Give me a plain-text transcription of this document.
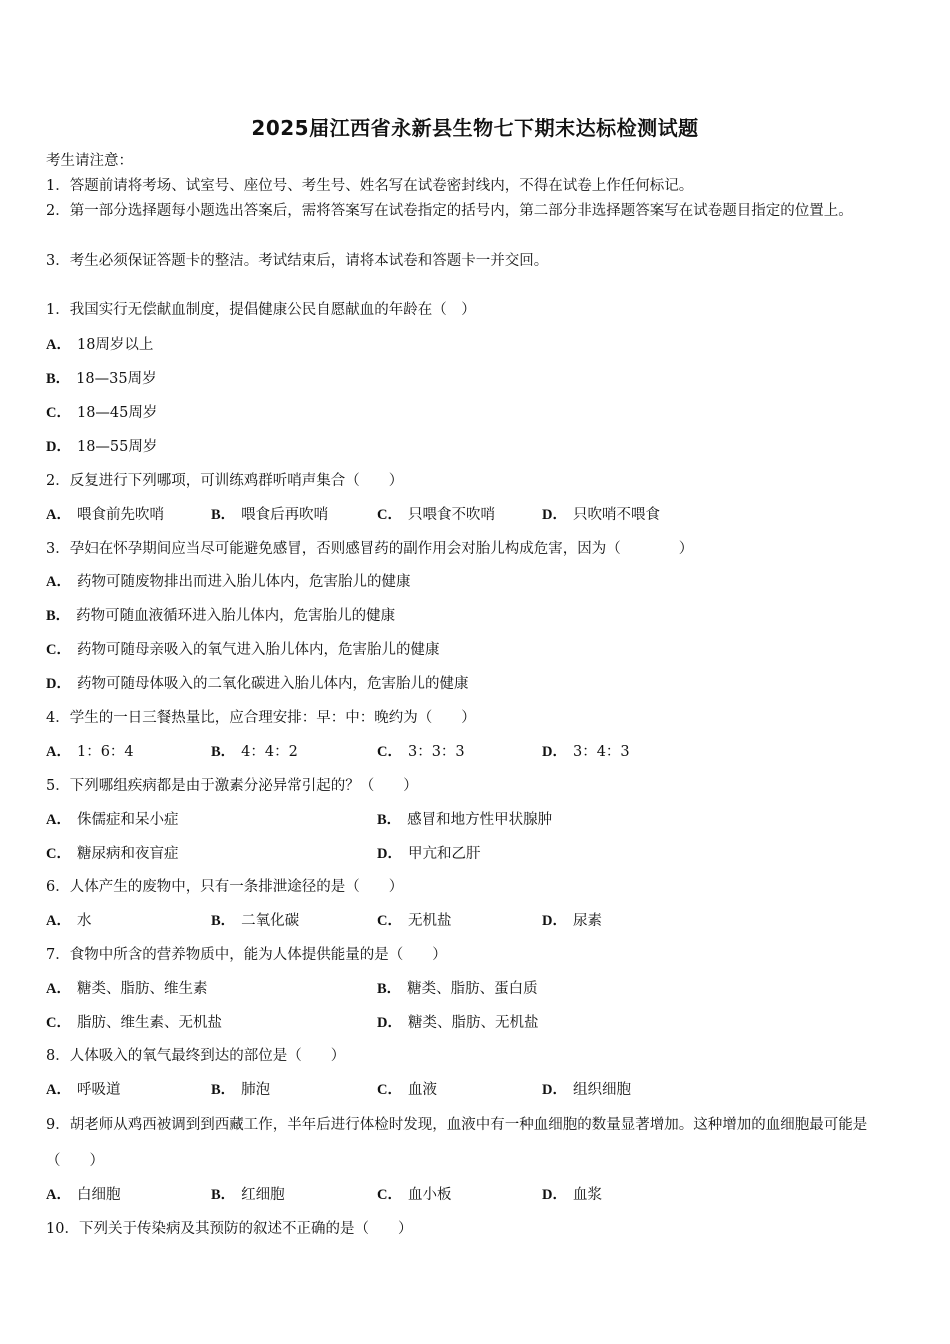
2025届江西省永新县生物七下期末达标检测试题
考生请注意：
1．答题前请将考场、试室号、座位号、考生号、姓名写在试卷密封线内，不得在试卷上作任何标记。
2．第一部分选择题每小题选出答案后，需将答案写在试卷指定的括号内，第二部分非选择题答案写在试卷题目指定的位置上。
3．考生必须保证答题卡的整洁。考试结束后，请将本试卷和答题卡一并交回。
1．我国实行无偿献血制度，提倡健康公民自愿献血的年龄在（　）
A． 18周岁以上
B． 18—35周岁
C． 18—45周岁
D． 18—55周岁
2．反复进行下列哪项，可训练鸡群听哨声集合（　　）
A． 喂食前先吹哨	B． 喂食后再吹哨	C． 只喂食不吹哨	D． 只吹哨不喂食
3．孕妇在怀孕期间应当尽可能避免感冒，否则感冒药的副作用会对胎儿构成危害，因为（　　　　）
A． 药物可随废物排出而进入胎儿体内，危害胎儿的健康
B． 药物可随血液循环进入胎儿体内，危害胎儿的健康
C． 药物可随母亲吸入的氧气进入胎儿体内，危害胎儿的健康
D． 药物可随母体吸入的二氧化碳进入胎儿体内，危害胎儿的健康
4．学生的一日三餐热量比，应合理安排：早：中：晚约为（　　）
A． 1：6：4	B． 4：4：2	C． 3：3：3	D． 3：4：3
5．下列哪组疾病都是由于激素分泌异常引起的？（　　）
A． 侏儒症和呆小症	B． 感冒和地方性甲状腺肿
C． 糖尿病和夜盲症	D． 甲亢和乙肝
6．人体产生的废物中，只有一条排泄途径的是（　　）
A． 水	B． 二氧化碳	C． 无机盐	D． 尿素
7．食物中所含的营养物质中，能为人体提供能量的是（　　）
A． 糖类、脂肪、维生素	B． 糖类、脂肪、蛋白质
C． 脂肪、维生素、无机盐	D． 糖类、脂肪、无机盐
8．人体吸入的氧气最终到达的部位是（　　）
A． 呼吸道	B． 肺泡	C． 血液	D． 组织细胞
9．胡老师从鸡西被调到到西藏工作，半年后进行体检时发现，血液中有一种血细胞的数量显著增加。这种增加的血细胞最可能是（　　）
A． 白细胞	B． 红细胞	C． 血小板	D． 血浆
10．下列关于传染病及其预防的叙述不正确的是（　　）
